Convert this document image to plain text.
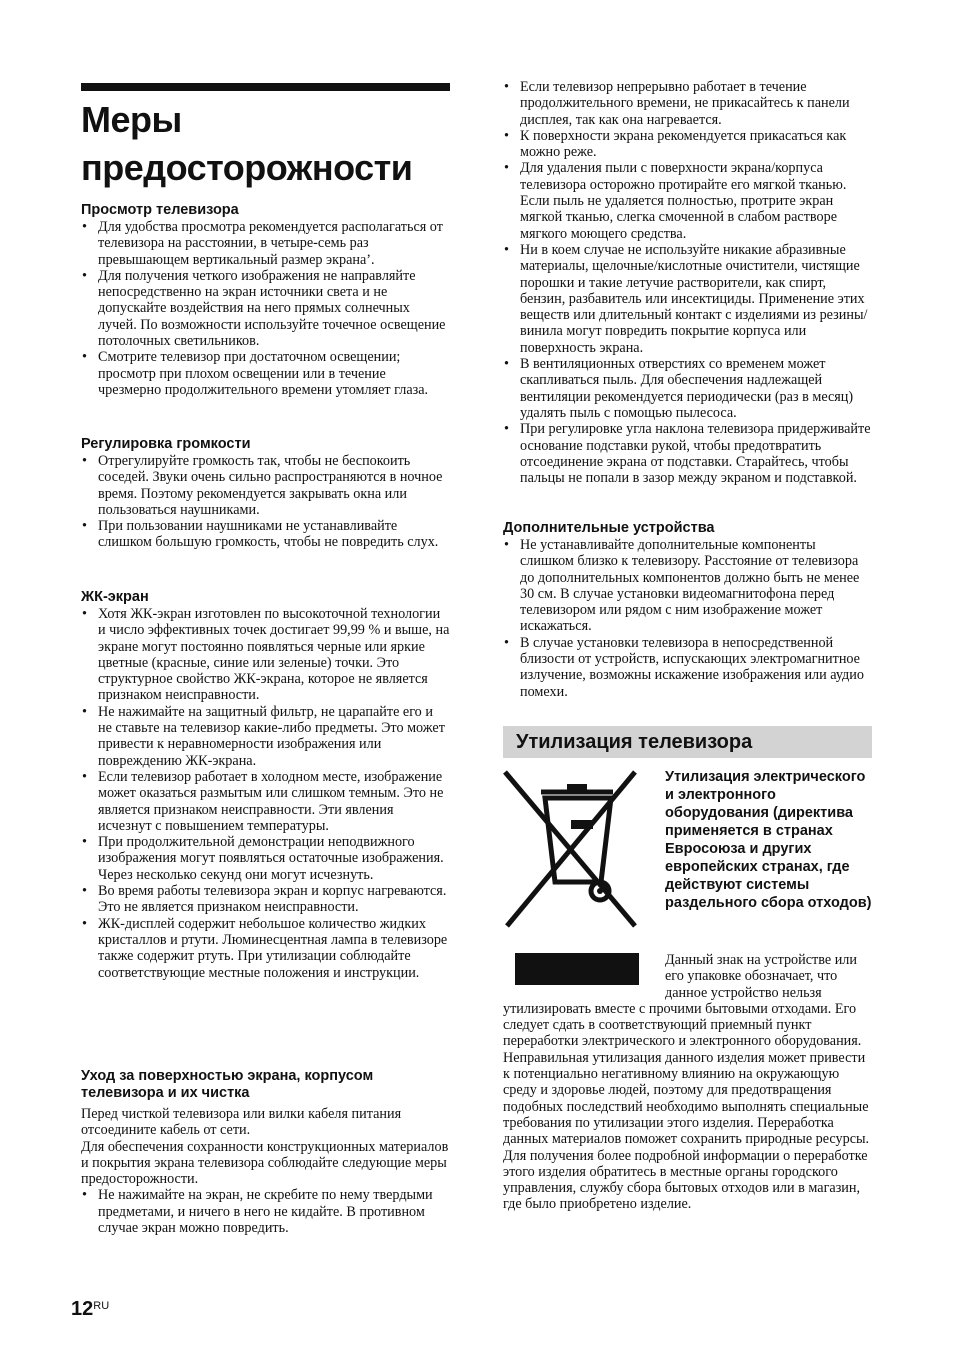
Меры
предосторожности
Просмотр телевизора
• Для удобства просмотра рекомендуется располагаться от телевизора на расстоянии, в четыре-семь раз превышающем вертикальный размер экрана’.
• Для получения четкого изображения не направляйте непосредственно на экран источники света и не допускайте воздействия на него прямых солнечных лучей. По возможности используйте точечное освещение потолочных светильников.
• Смотрите телевизор при достаточном освещении; просмотр при плохом освещении или в течение чрезмерно продолжительного времени утомляет глаза.
Регулировка громкости
• Отрегулируйте громкость так, чтобы не беспокоить соседей. Звуки очень сильно распространяются в ночное время. Поэтому рекомендуется закрывать окна или пользоваться наушниками.
• При пользовании наушниками не устанавливайте слишком большую громкость, чтобы не повредить слух.
ЖК-экран
• Хотя ЖК-экран изготовлен по высокоточной технологии и число эффективных точек достигает 99,99 % и выше, на экране могут постоянно появляться черные или яркие цветные (красные, синие или зеленые) точки. Это структурное свойство ЖК-экрана, которое не является признаком неисправности.
• Не нажимайте на защитный фильтр, не царапайте его и не ставьте на телевизор какие-либо предметы. Это может привести к неравномерности изображения или повреждению ЖК-экрана.
• Если телевизор работает в холодном месте, изображение может оказаться размытым или слишком темным. Это не является признаком неисправности. Эти явления исчезнут с повышением температуры.
• При продолжительной демонстрации неподвижного изображения могут появляться остаточные изображения. Через несколько секунд они могут исчезнуть.
• Во время работы телевизора экран и корпус нагреваются. Это не является признаком неисправности.
• ЖК-дисплей содержит небольшое количество жидких кристаллов и ртути. Люминесцентная лампа в телевизоре также содержит ртуть. При утилизации соблюдайте соответствующие местные положения и инструкции.
Уход за поверхностью экрана, корпусом телевизора и их чистка

Перед чисткой телевизора или вилки кабеля питания отсоедините кабель от сети.

Для обеспечения сохранности конструкционных материалов и покрытия экрана телевизора соблюдайте следующие меры предосторожности.

• Не нажимайте на экран, не скребите по нему твердыми предметами, и ничего в него не кидайте. В противном случае экран можно повредить.
• Если телевизор непрерывно работает в течение продолжительного времени, не прикасайтесь к панели дисплея, так как она нагревается.
• К поверхности экрана рекомендуется прикасаться как можно реже.
• Для удаления пыли с поверхности экрана/корпуса телевизора осторожно протирайте его мягкой тканью. Если пыль не удаляется полностью, протрите экран мягкой тканью, слегка смоченной в слабом растворе мягкого моющего средства.
• Ни в коем случае не используйте никакие абразивные материалы, щелочные/кислотные очистители, чистящие порошки и такие летучие растворители, как спирт, бензин, разбавитель или инсектициды. Применение этих веществ или длительный контакт с изделиями из резины/винила могут повредить покрытие корпуса или поверхность экрана.
• В вентиляционных отверстиях со временем может скапливаться пыль. Для обеспечения надлежащей вентиляции рекомендуется периодически (раз в месяц) удалять пыль с помощью пылесоса.
• При регулировке угла наклона телевизора придерживайте основание подставки рукой, чтобы предотвратить отсоединение экрана от подставки. Старайтесь, чтобы пальцы не попали в зазор между экраном и подставкой.
Дополнительные устройства
• Не устанавливайте дополнительные компоненты слишком близко к телевизору. Расстояние от телевизора до дополнительных компонентов должно быть не менее 30 см. В случае установки видеомагнитофона перед телевизором или рядом с ним изображение может искажаться.
• В случае установки телевизора в непосредственной близости от устройств, испускающих электромагнитное излучение, возможны искажение изображения или аудио помехи.
Утилизация телевизора
Утилизация электрического и электронного оборудования (директива применяется в странах Евросоюза и других европейских странах, где действуют системы раздельного сбора отходов)

Данный знак на устройстве или его упаковке обозначает, что данное устройство нельзя утилизировать вместе с прочими бытовыми отходами. Его следует сдать в соответствующий приемный пункт переработки электрического и электронного оборудования. Неправильная утилизация данного изделия может привести к потенциально негативному влиянию на окружающую среду и здоровье людей, поэтому для предотвращения подобных последствий необходимо выполнять специальные требования по утилизации этого изделия. Переработка данных материалов поможет сохранить природные ресурсы. Для получения более подробной информации о переработке этого изделия обратитесь в местные органы городского управления, службу сбора бытовых отходов или в магазин, где было приобретено изделие.

$12^{RU}$
